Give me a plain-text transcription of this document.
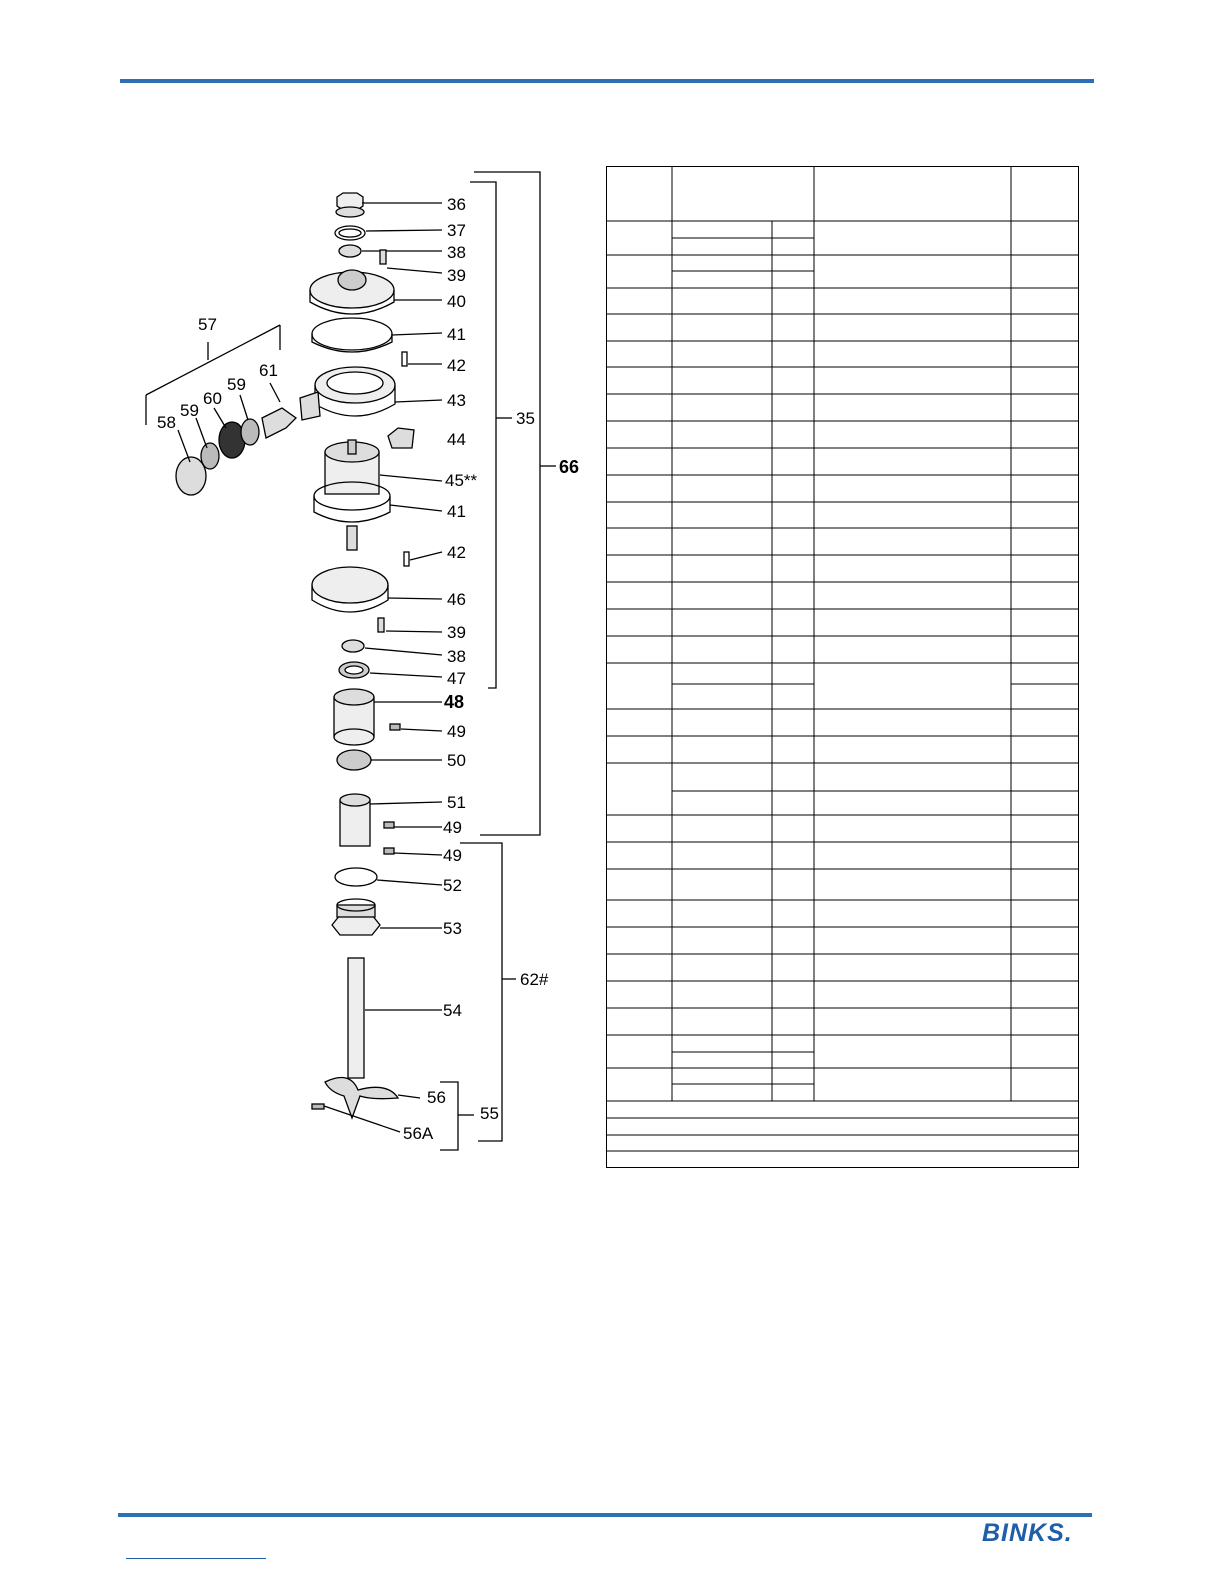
36
37
38
39
40
41
42
43
44
45**
41
42
46
39
38
47
48
49
50
51
49
49
52
53
54
56
56A
55
57
58
59
60
59
61
35
66
62#
BINKS.
